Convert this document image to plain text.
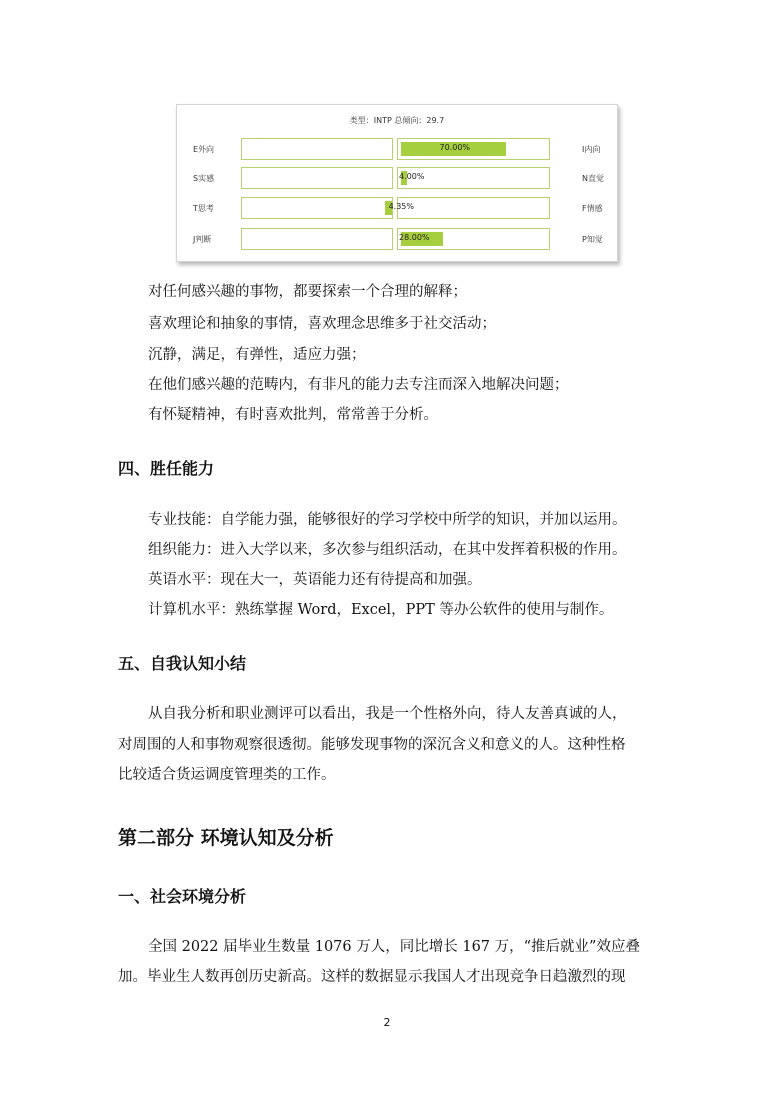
类型：INTP 总倾向：29.7
E外向	I内向
70.00%
S实感	N直觉
4.00%
T思考	F情感
4.35%
J判断	P知觉
28.00%
对任何感兴趣的事物，都要探索一个合理的解释；
喜欢理论和抽象的事情，喜欢理念思维多于社交活动；
沉静，满足，有弹性，适应力强；
在他们感兴趣的范畴内，有非凡的能力去专注而深入地解决问题；
有怀疑精神，有时喜欢批判，常常善于分析。
四、胜任能力
专业技能：自学能力强，能够很好的学习学校中所学的知识，并加以运用。
组织能力：进入大学以来，多次参与组织活动，在其中发挥着积极的作用。
英语水平：现在大一，英语能力还有待提高和加强。
计算机水平：熟练掌握 Word，Excel，PPT 等办公软件的使用与制作。
五、自我认知小结
从自我分析和职业测评可以看出，我是一个性格外向，待人友善真诚的人，
对周围的人和事物观察很透彻。能够发现事物的深沉含义和意义的人。这种性格
比较适合货运调度管理类的工作。
第二部分 环境认知及分析
一、社会环境分析
全国 2022 届毕业生数量 1076 万人，同比增长 167 万，“推后就业”效应叠
加。毕业生人数再创历史新高。这样的数据显示我国人才出现竞争日趋激烈的现
2
